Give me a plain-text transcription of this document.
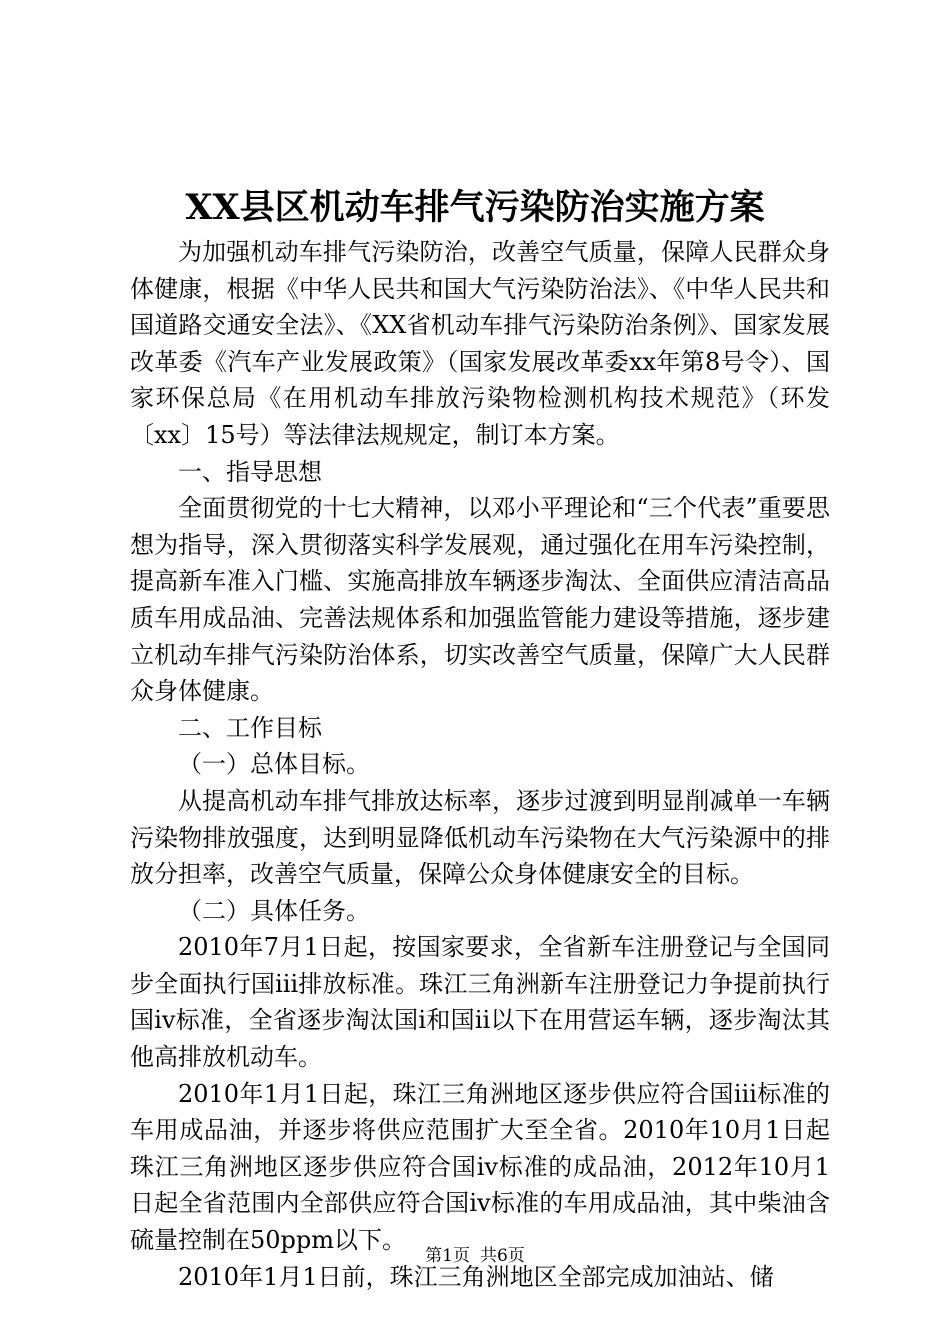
XX县区机动车排气污染防治实施方案

为加强机动车排气污染防治，改善空气质量，保障人民群众身体健康，根据《中华人民共和国大气污染防治法》、《中华人民共和国道路交通安全法》、《XX省机动车排气污染防治条例》、国家发展改革委《汽车产业发展政策》（国家发展改革委xx年第8号令）、国家环保总局《在用机动车排放污染物检测机构技术规范》（环发〔xx〕15号）等法律法规规定，制订本方案。

一、指导思想

全面贯彻党的十七大精神，以邓小平理论和“三个代表”重要思想为指导，深入贯彻落实科学发展观，通过强化在用车污染控制，提高新车准入门槛、实施高排放车辆逐步淘汰、全面供应清洁高品质车用成品油、完善法规体系和加强监管能力建设等措施，逐步建立机动车排气污染防治体系，切实改善空气质量，保障广大人民群众身体健康。

二、工作目标

（一）总体目标。

从提高机动车排气排放达标率，逐步过渡到明显削减单一车辆污染物排放强度，达到明显降低机动车污染物在大气污染源中的排放分担率，改善空气质量，保障公众身体健康安全的目标。

（二）具体任务。

2010年7月1日起，按国家要求，全省新车注册登记与全国同步全面执行国ⅲ排放标准。珠江三角洲新车注册登记力争提前执行国ⅳ标准，全省逐步淘汰国ⅰ和国ⅱ以下在用营运车辆，逐步淘汰其他高排放机动车。

2010年1月1日起，珠江三角洲地区逐步供应符合国ⅲ标准的车用成品油，并逐步将供应范围扩大至全省。2010年10月1日起珠江三角洲地区逐步供应符合国ⅳ标准的成品油，2012年10月1日起全省范围内全部供应符合国ⅳ标准的车用成品油，其中柴油含硫量控制在50ppm以下。

2010年1月1日前，珠江三角洲地区全部完成加油站、储

第1页 共6页
